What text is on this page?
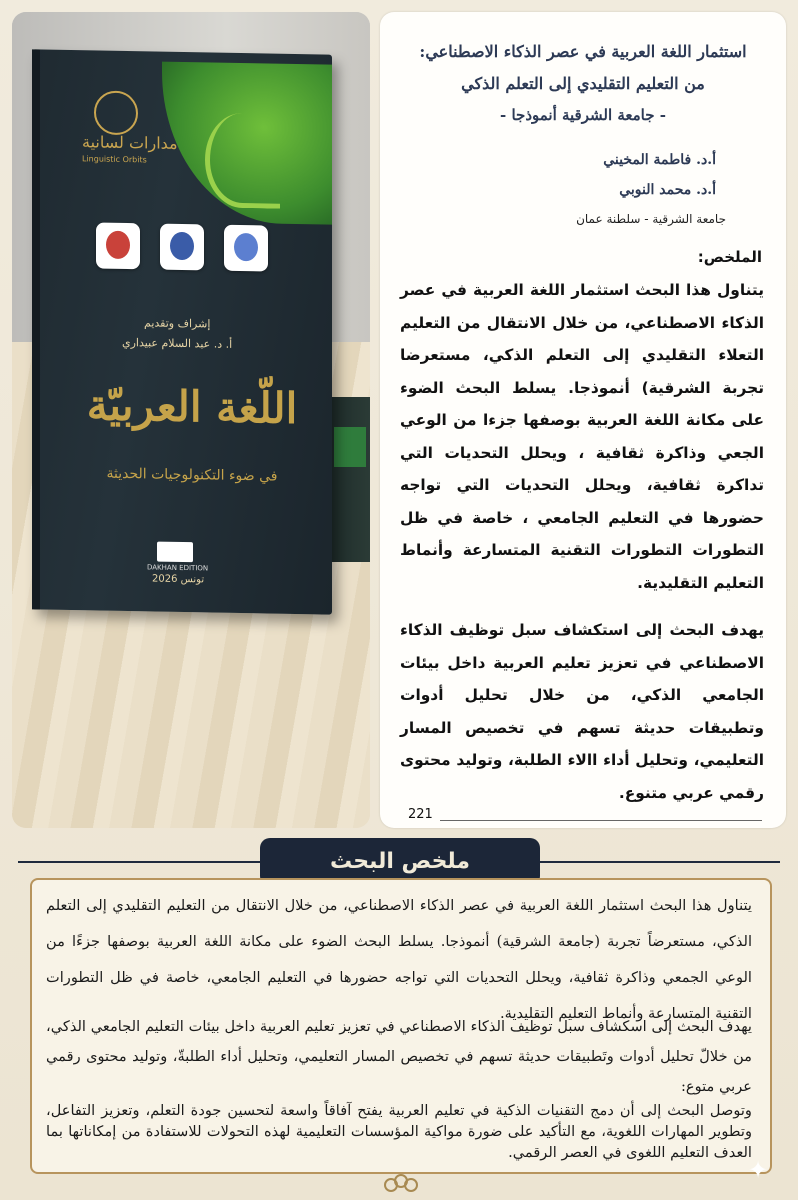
مدارات لسانية
Linguistic Orbits
إشراف وتقديم
أ. د. عبد السلام عبيداري
اللّغة العربيّة
في ضوء التكنولوجيات الحديثة
DAKHAN EDITION
تونس 2026
استثمار اللغة العربية في عصر الذكاء الاصطناعي:
من التعليم التقليدي إلى التعلم الذكي
- جامعة الشرقية أنموذجا -
أ.د. فاطمة المخيني
أ.د. محمد النوبي
جامعة الشرقية - سلطنة عمان
الملخص:
يتناول هذا البحث استثمار اللغة العربية في عصر الذكاء الاصطناعي، من خلال الانتقال من التعليم التعلاء التقليدي إلى التعلم الذكي، مستعرضا تجربة الشرقية) أنموذجا. يسلط البحث الضوء على مكانة اللغة العربية بوصفها جزءا من الوعي الجعي وذاكرة ثقافية ، ويحلل التحديات التي تداكرة ثقافية، ويحلل التحديات التي تواجه حضورها في التعليم الجامعي ، خاصة في ظل التطورات التطورات التقنية المتسارعة وأنماط التعليم التقليدية.
يهدف البحث إلى استكشاف سبل توظيف الذكاء الاصطناعي في تعزيز تعليم العربية داخل بيئات الجامعي الذكي، من خلال تحليل أدوات وتطبيقات حديثة تسهم في تخصيص المسار التعليمي، وتحليل أداء االاء الطلبة، وتوليد محتوى رقمي عربي متنوع.
221
ملخص البحث
يتناول هذا البحث استثمار اللغة العربية في عصر الذكاء الاصطناعي، من خلال الانتقال من التعليم التقليدي إلى التعلم الذكي، مستعرضاً تجربة (جامعة الشرقية) أنموذجا. يسلط البحث الضوء على مكانة اللغة العربية بوصفها جزءًا من الوعي الجمعي وذاكرة ثقافية، ويحلل التحديات التي تواجه حضورها في التعليم الجامعي، خاصة في ظل التطورات التقنية المتسارعة وأنماط التعليم التقليدية.
يهدف البحث إلى اسكشاف سبل توظيف الذكاء الاصطناعي في تعزيز تعليم العربية داخل بيئات التعليم الجامعي الذكي، من خلالّ تحليل أدوات وتَطبيقات حديثة تسهم في تخصيص المسار التعليمي، وتحليل أداء الطلبةّ، وتوليد محتوى رقمي عربي متوع:
وتوصل البحث إلى أن دمج التقنيات الذكية في تعليم العربية يفتح آفاقاً واسعة لتحسين جودة التعلم، وتعزيز التفاعل، وتطوير المهارات اللغوية، مع التأكيد على ضورة مواكية المؤسسات التعليمية لهذه التحولات للاستفادة من إمكاناتها بما العدف التعليم اللغوى في العصر الرقمي.
✦
